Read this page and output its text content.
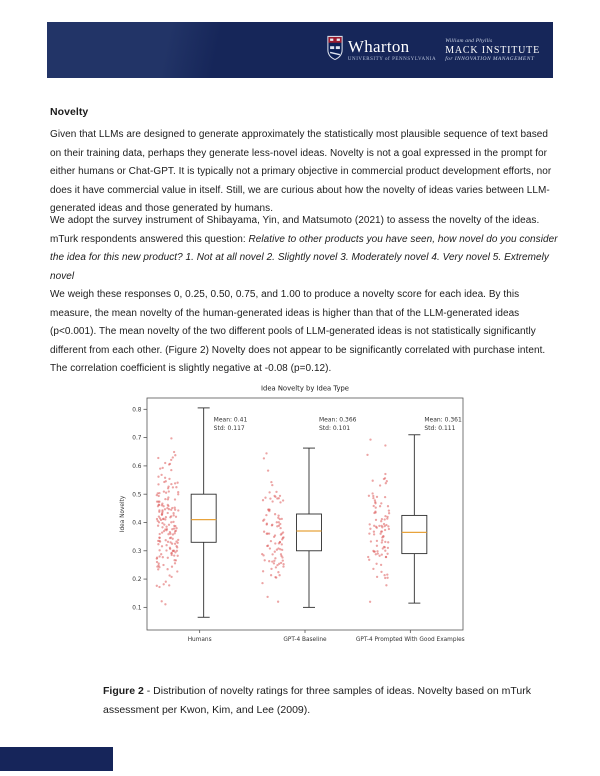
Wharton
UNIVERSITY of PENNSYLVANIA
William and Phyllis
MACK INSTITUTE
for INNOVATION MANAGEMENT
Novelty
Given that LLMs are designed to generate approximately the statistically most plausible sequence of text based
on their training data, perhaps they generate less-novel ideas. Novelty is not a goal expressed in the prompt for
either humans or Chat-GPT. It is typically not a primary objective in commercial product development efforts, nor
does it have commercial value in itself. Still, we are curious about how the novelty of ideas varies between LLM-
generated ideas and those generated by humans.
We adopt the survey instrument of Shibayama, Yin, and Matsumoto (2021) to assess the novelty of the ideas.
mTurk respondents answered this question: Relative to other products you have seen, how novel do you consider
the idea for this new product? 1. Not at all novel 2. Slightly novel 3. Moderately novel 4. Very novel 5. Extremely
novel
We weigh these responses 0, 0.25, 0.50, 0.75, and 1.00 to produce a novelty score for each idea. By this
measure, the mean novelty of the human-generated ideas is higher than that of the LLM-generated ideas
(p<0.001). The mean novelty of the two different pools of LLM-generated ideas is not statistically significantly
different from each other. (Figure 2) Novelty does not appear to be significantly correlated with purchase intent.
The correlation coefficient is slightly negative at -0.08 (p=0.12).
Idea Novelty by Idea Type
Idea Novelty
0.1
0.2
0.3
0.4
0.5
0.6
0.7
0.8
Humans
Mean: 0.41
Std: 0.117
GPT-4 Baseline
Mean: 0.366
Std: 0.101
GPT-4 Prompted With Good Examples
Mean: 0.361
Std: 0.111
Figure 2 - Distribution of novelty ratings for three samples of ideas. Novelty based on mTurk
assessment per Kwon, Kim, and Lee (2009).
